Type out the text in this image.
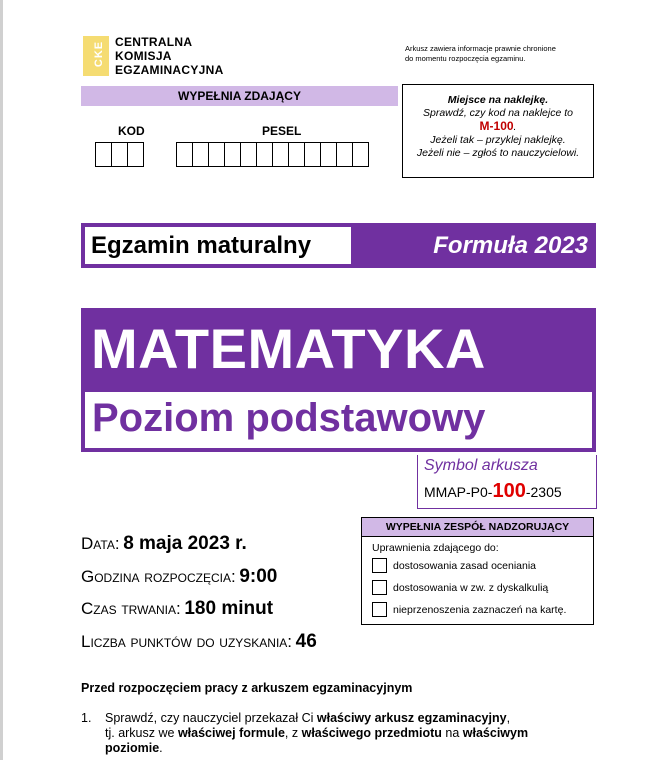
CKE CENTRALNA
KOMISJA
EGZAMINACYJNA
Arkusz zawiera informacje prawnie chronione
do momentu rozpoczęcia egzaminu.
WYPEŁNIA ZDAJĄCY
KOD	PESEL
Miejsce na naklejkę.
Sprawdź, czy kod na naklejce to
M-100.
Jeżeli tak – przyklej naklejkę.
Jeżeli nie – zgłoś to nauczycielowi.
Egzamin maturalny	Formuła 2023
MATEMATYKA
Poziom podstawowy
Symbol arkusza
MMAP-P0-100-2305
Data: 8 maja 2023 r.
Godzina rozpoczęcia: 9:00
Czas trwania: 180 minut
Liczba punktów do uzyskania: 46
WYPEŁNIA ZESPÓŁ NADZORUJĄCY
Uprawnienia zdającego do:
dostosowania zasad oceniania
dostosowania w zw. z dyskalkulią
nieprzenoszenia zaznaczeń na kartę.
Przed rozpoczęciem pracy z arkuszem egzaminacyjnym
1. Sprawdź, czy nauczyciel przekazał Ci właściwy arkusz egzaminacyjny,
tj. arkusz we właściwej formule, z właściwego przedmiotu na właściwym
poziomie.
